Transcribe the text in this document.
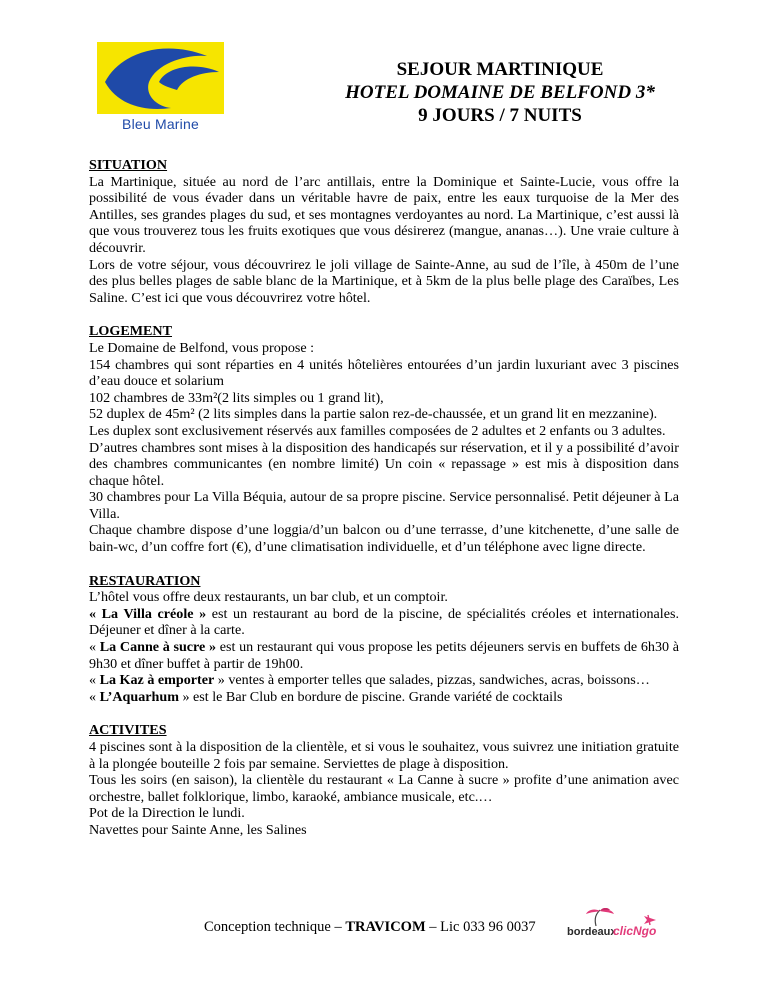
Bleu Marine
SEJOUR MARTINIQUE
HOTEL DOMAINE DE BELFOND 3*
9 JOURS / 7 NUITS
SITUATION

La Martinique, située au nord de l’arc antillais, entre la Dominique et Sainte-Lucie, vous offre la possibilité de vous évader dans un véritable havre de paix, entre les eaux turquoise de la Mer des Antilles, ses grandes plages du sud, et ses montagnes verdoyantes au nord. La Martinique, c’est aussi là que vous trouverez tous les fruits exotiques que vous désirerez (mangue, ananas…). Une vraie culture à découvrir.

Lors de votre séjour, vous découvrirez le joli village de Sainte-Anne, au sud de l’île, à 450m de l’une des plus belles plages de sable blanc de la Martinique, et à 5km de la plus belle plage des Caraïbes, Les Saline. C’est ici que vous découvrirez votre hôtel.

LOGEMENT

Le Domaine de Belfond, vous propose :

154 chambres qui sont réparties en 4 unités hôtelières entourées d’un jardin luxuriant avec 3 piscines d’eau douce et solarium

102 chambres de 33m²(2 lits simples ou 1 grand lit),

52 duplex de 45m² (2 lits simples dans la partie salon rez-de-chaussée, et un grand lit en mezzanine).

Les duplex sont exclusivement réservés aux familles composées de 2 adultes et 2 enfants ou 3 adultes.

D’autres chambres sont mises à la disposition des handicapés sur réservation, et il y a possibilité d’avoir des chambres communicantes (en nombre limité) Un coin « repassage » est mis à disposition dans chaque hôtel.

30 chambres pour La Villa Béquia, autour de sa propre piscine. Service personnalisé. Petit déjeuner à La Villa.

Chaque chambre dispose d’une loggia/d’un balcon ou d’une terrasse, d’une kitchenette, d’une salle de bain-wc, d’un coffre fort (€), d’une climatisation individuelle, et d’un téléphone avec ligne directe.

RESTAURATION

L’hôtel vous offre deux restaurants, un bar club, et un comptoir.

« La Villa créole » est un restaurant au bord de la piscine, de spécialités créoles et internationales. Déjeuner et dîner à la carte.

« La Canne à sucre » est un restaurant qui vous propose les petits déjeuners servis en buffets de 6h30 à 9h30 et dîner buffet à partir de 19h00.

« La Kaz à emporter » ventes à emporter telles que salades, pizzas, sandwiches, acras, boissons…

« L’Aquarhum » est le Bar Club en bordure de piscine. Grande variété de cocktails

ACTIVITES

4 piscines sont à la disposition de la clientèle, et si vous le souhaitez, vous suivrez une initiation gratuite à la plongée bouteille 2 fois par semaine. Serviettes de plage à disposition.

Tous les soirs (en saison), la clientèle du restaurant « La Canne à sucre » profite d’une animation avec orchestre, ballet folklorique, limbo, karaoké, ambiance musicale, etc.…

Pot de la Direction le lundi.

Navettes pour Sainte Anne, les Salines

Conception technique – TRAVICOM – Lic 033 96 0037	bordeaux
clicNgo
